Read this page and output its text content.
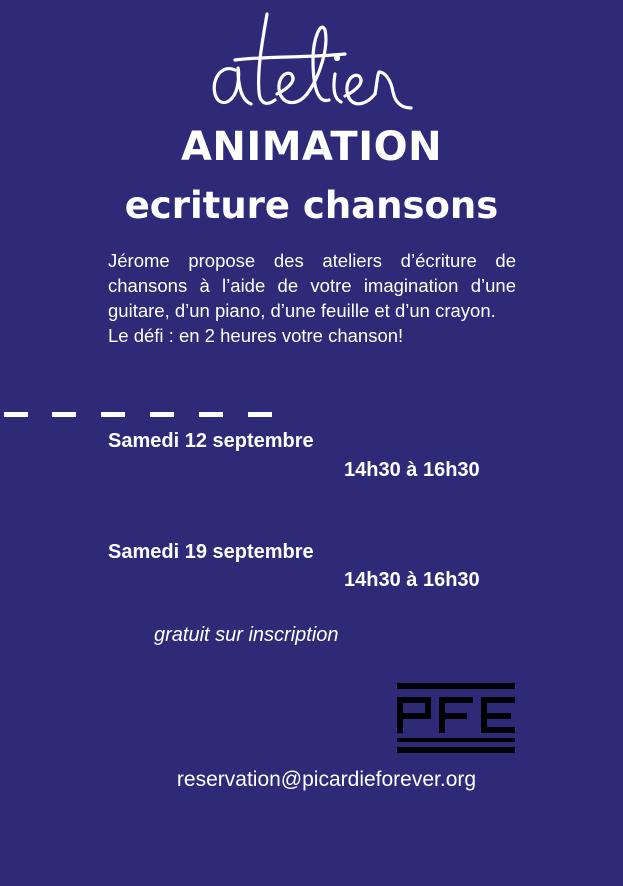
ANIMATION
ecriture chansons
Jérome propose des ateliers d’écriture de chansons à l’aide de votre imagination d’une guitare, d’un piano, d’une feuille et d’un crayon.
Le défi : en 2 heures votre chanson!
Samedi 12 septembre
14h30 à 16h30
Samedi 19 septembre
14h30 à 16h30
gratuit sur inscription
reservation@picardieforever.org
